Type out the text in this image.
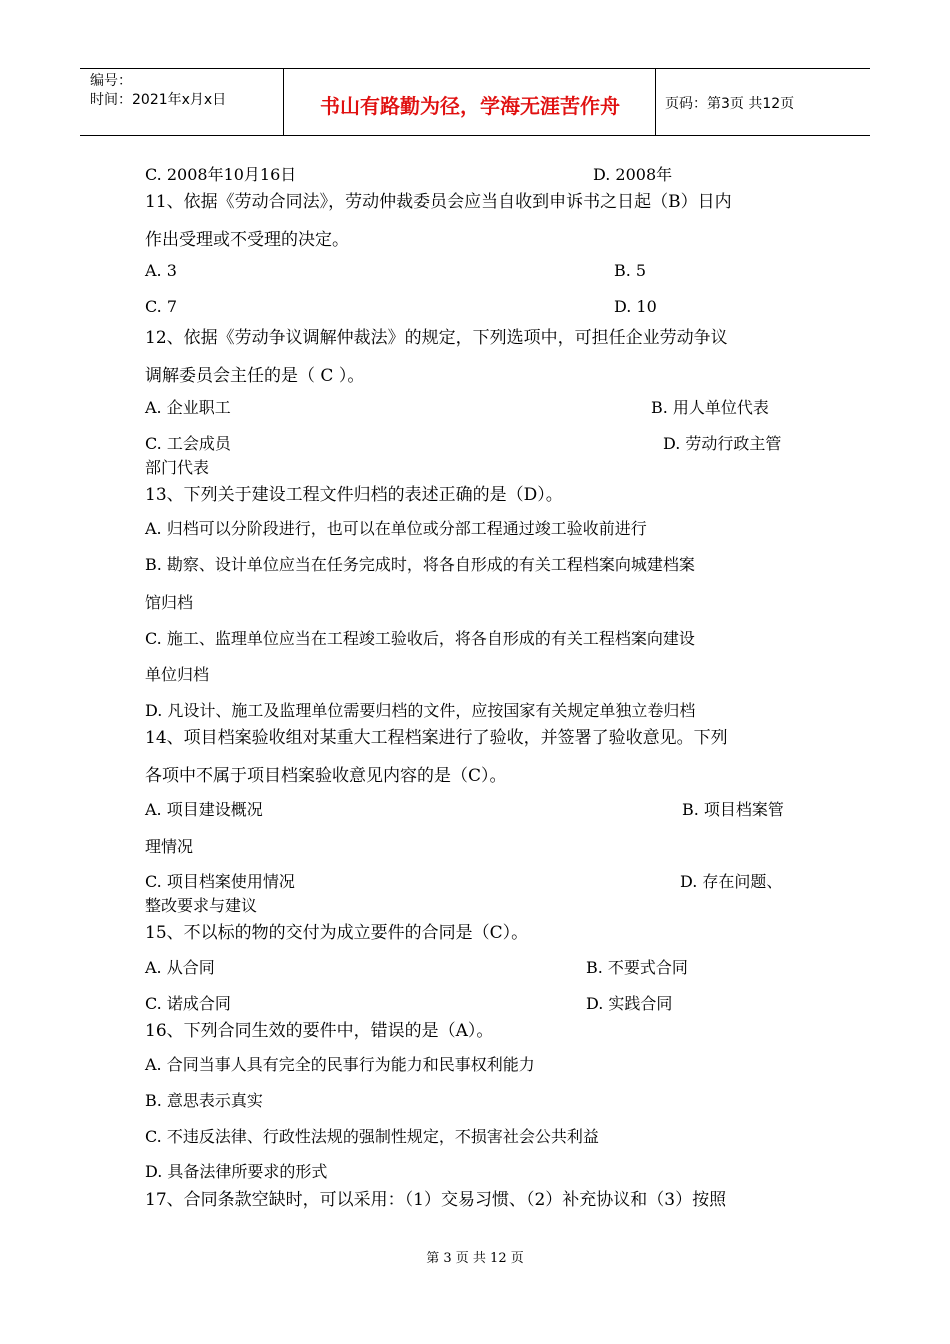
编号：
时间：2021年x月x日	书山有路勤为径，学海无涯苦作舟	页码：第3页 共12页
C. 2008年10月16日	D. 2008年
11、依据《劳动合同法》，劳动仲裁委员会应当自收到申诉书之日起（B）日内
作出受理或不受理的决定。
A. 3	B. 5
C. 7	D. 10
12、依据《劳动争议调解仲裁法》的规定，下列选项中，可担任企业劳动争议
调解委员会主任的是（ C ）。
A. 企业职工	B. 用人单位代表
C. 工会成员	D. 劳动行政主管
部门代表
13、下列关于建设工程文件归档的表述正确的是（D）。
A. 归档可以分阶段进行，也可以在单位或分部工程通过竣工验收前进行
B. 勘察、设计单位应当在任务完成时，将各自形成的有关工程档案向城建档案
馆归档
C. 施工、监理单位应当在工程竣工验收后，将各自形成的有关工程档案向建设
单位归档
D. 凡设计、施工及监理单位需要归档的文件，应按国家有关规定单独立卷归档
14、项目档案验收组对某重大工程档案进行了验收，并签署了验收意见。下列
各项中不属于项目档案验收意见内容的是（C）。
A. 项目建设概况	B. 项目档案管
理情况
C. 项目档案使用情况	D. 存在问题、
整改要求与建议
15、不以标的物的交付为成立要件的合同是（C）。
A. 从合同	B. 不要式合同
C. 诺成合同	D. 实践合同
16、下列合同生效的要件中，错误的是（A）。
A. 合同当事人具有完全的民事行为能力和民事权利能力
B. 意思表示真实
C. 不违反法律、行政性法规的强制性规定，不损害社会公共利益
D. 具备法律所要求的形式
17、合同条款空缺时，可以采用：（1）交易习惯、（2）补充协议和（3）按照
第 3 页 共 12 页
